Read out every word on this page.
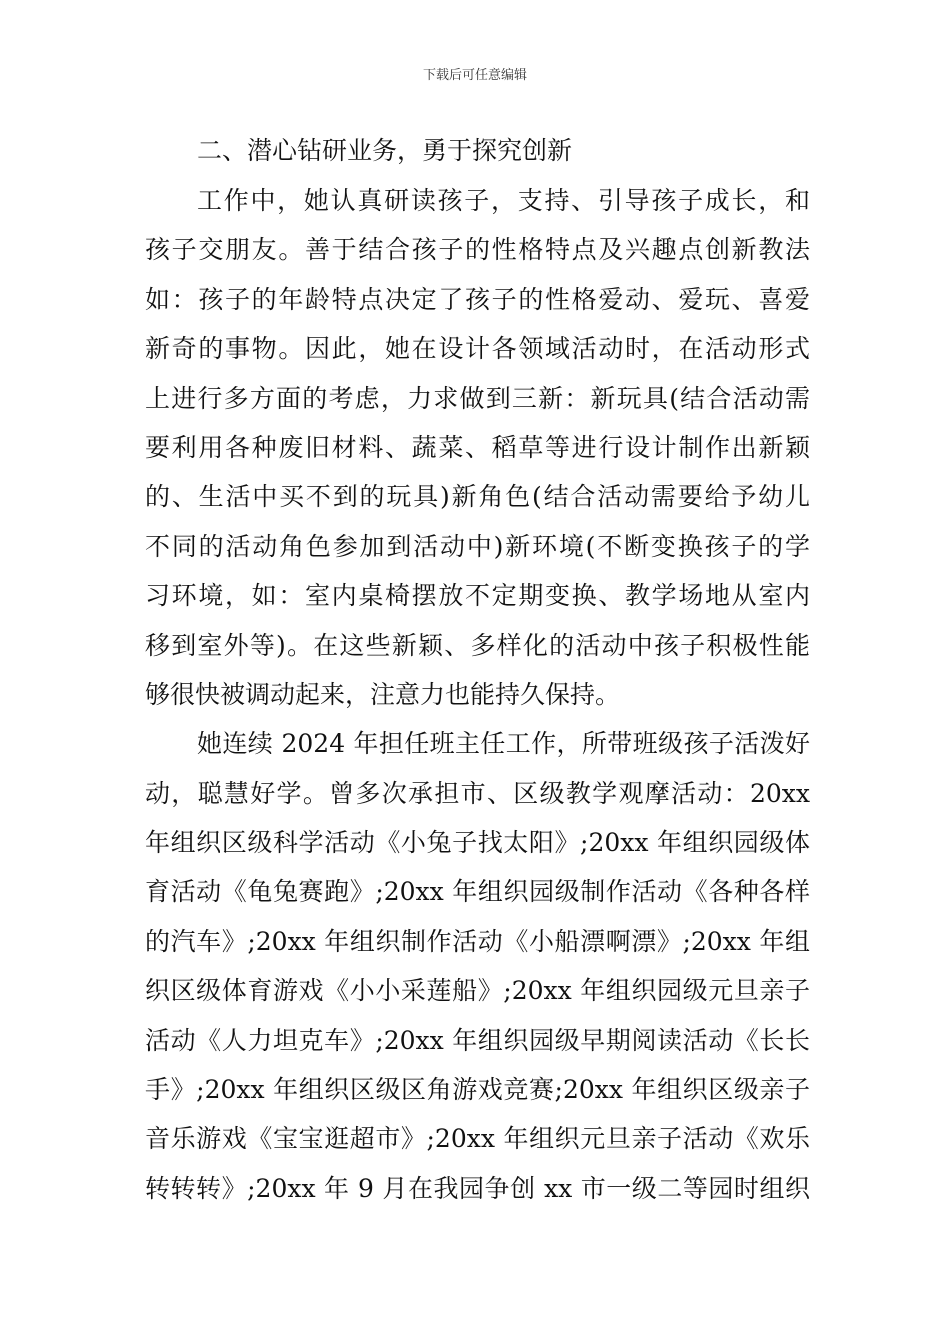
下载后可任意编辑
二、潜心钻研业务，勇于探究创新
工作中，她认真研读孩子，支持、引导孩子成长，和
孩子交朋友。善于结合孩子的性格特点及兴趣点创新教法
如：孩子的年龄特点决定了孩子的性格爱动、爱玩、喜爱
新奇的事物。因此，她在设计各领域活动时，在活动形式
上进行多方面的考虑，力求做到三新：新玩具(结合活动需
要利用各种废旧材料、蔬菜、稻草等进行设计制作出新颖
的、生活中买不到的玩具)新角色(结合活动需要给予幼儿
不同的活动角色参加到活动中)新环境(不断变换孩子的学
习环境，如：室内桌椅摆放不定期变换、教学场地从室内
移到室外等)。在这些新颖、多样化的活动中孩子积极性能
够很快被调动起来，注意力也能持久保持。
她连续 2024 年担任班主任工作，所带班级孩子活泼好
动，聪慧好学。曾多次承担市、区级教学观摩活动：20xx
年组织区级科学活动《小兔子找太阳》;20xx 年组织园级体
育活动《龟兔赛跑》;20xx 年组织园级制作活动《各种各样
的汽车》;20xx 年组织制作活动《小船漂啊漂》;20xx 年组
织区级体育游戏《小小采莲船》;20xx 年组织园级元旦亲子
活动《人力坦克车》;20xx 年组织园级早期阅读活动《长长
手》;20xx 年组织区级区角游戏竞赛;20xx 年组织区级亲子
音乐游戏《宝宝逛超市》;20xx 年组织元旦亲子活动《欢乐
转转转》;20xx 年 9 月在我园争创 xx 市一级二等园时组织
